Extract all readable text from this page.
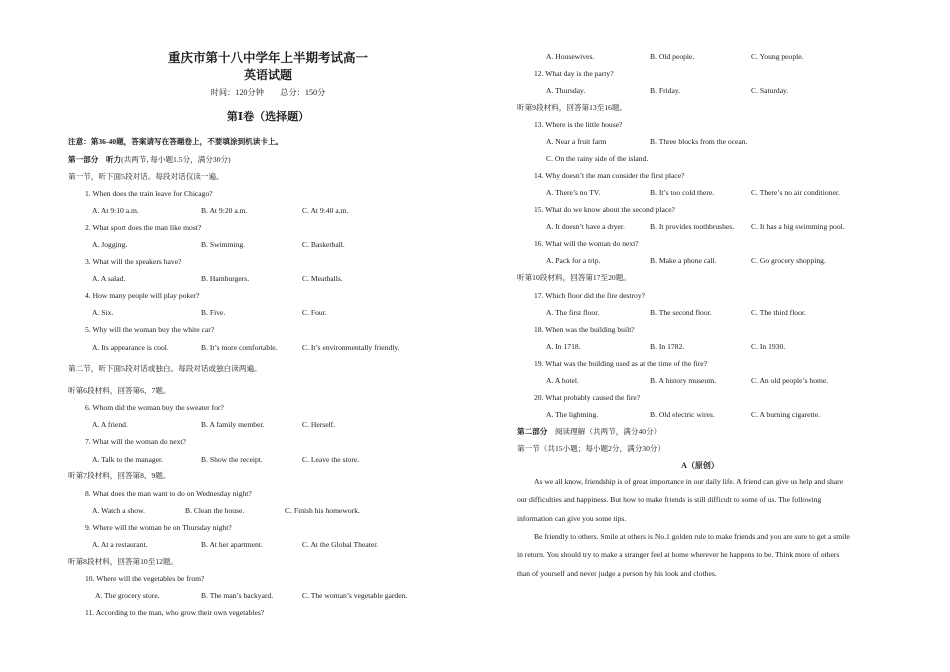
重庆市第十八中学年上半期考试高一
英语试题
时间：120分钟　　总分：150分
第Ⅰ卷（选择题）
注意：第36-40题，答案请写在答题卷上，不要填涂到机读卡上。
第一部分　听力(共两节, 每小题1.5分，满分30分)
第一节，听下面5段对话。每段对话仅读一遍。
1. When does the train leave for Chicago?
A. At 9:10 a.m.	B. At 9:20 a.m.	C. At 9:40 a.m.
2. What sport does the man like most?
A. Jogging.	B. Swimming.	C. Basketball.
3. What will the speakers have?
A. A salad.	B. Hamburgers.	C. Meatballs.
4. How many people will play poker?
A. Six.	B. Five.	C. Four.
5. Why will the woman buy the white car?
A. Its appearance is cool.	B. It’s more comfortable.	C. It’s environmentally friendly.
第二节，听下面5段对话或独白。每段对话或独白读两遍。
听第6段材料，回答第6、7题。
6. Whom did the woman buy the sweater for?
A. A friend.	B. A family member.	C. Herself.
7. What will the woman do next?
A. Talk to the manager.	B. Show the receipt.	C. Leave the store.
听第7段材料，回答第8、9题。
8. What does the man want to do on Wednesday night?
A. Watch a show.	B. Clean the house.	C. Finish his homework.
9. Where will the woman be on Thursday night?
A. At a restaurant.	B. At her apartment.	C. At the Global Theater.
听第8段材料，回答第10至12题。
10. Where will the vegetables be from?
A. The grocery store.	B. The man’s backyard.	C. The woman’s vegetable garden.
11. According to the man, who grow their own vegetables?
A. Housewives.	B. Old people.	C. Young people.
12. What day is the party?
A. Thursday.	B. Friday.	C. Saturday.
听第9段材料，回答第13至16题。
13. Where is the little house?
A. Near a fruit farm	B. Three blocks from the ocean.
C. On the rainy side of the island.
14. Why doesn’t the man consider the first place?
A. There’s no TV.	B. It’s too cold there.	C. There’s no air conditioner.
15. What do we know about the second place?
A. It doesn’t have a dryer.	B. It provides toothbrushes. C. It has a big swimming pool.
16. What will the woman do next?
A. Pack for a trip.	B. Make a phone call.	C. Go grocery shopping.
听第10段材料，回答第17至20题。
17. Which floor did the fire destroy?
A. The first floor.	B. The second floor.	C. The third floor.
18. When was the building built?
A. In 1718.	B. In 1782.	C. In 1930.
19. What was the building used as at the time of the fire?
A. A hotel.	B. A history museum.	C. An old people’s home.
20. What probably caused the fire?
A. The lightning.	B. Old electric wires.	C. A burning cigarette.
第二部分　 阅读理解（共两节，满分40分）
第一节（共15小题；每小题2分，满分30分）
A（原创）
As we all know, friendship is of great importance in our daily life. A friend can give us help and share
our difficulties and happiness. But how to make friends is still difficult to some of us. The following
information can give you some tips.
Be friendly to others. Smile at others is No.1 golden rule to make friends and you are sure to get a smile
in return. You should try to make a stranger feel at home wherever he happens to be. Think more of others
than of yourself and never judge a person by his look and clothes.
